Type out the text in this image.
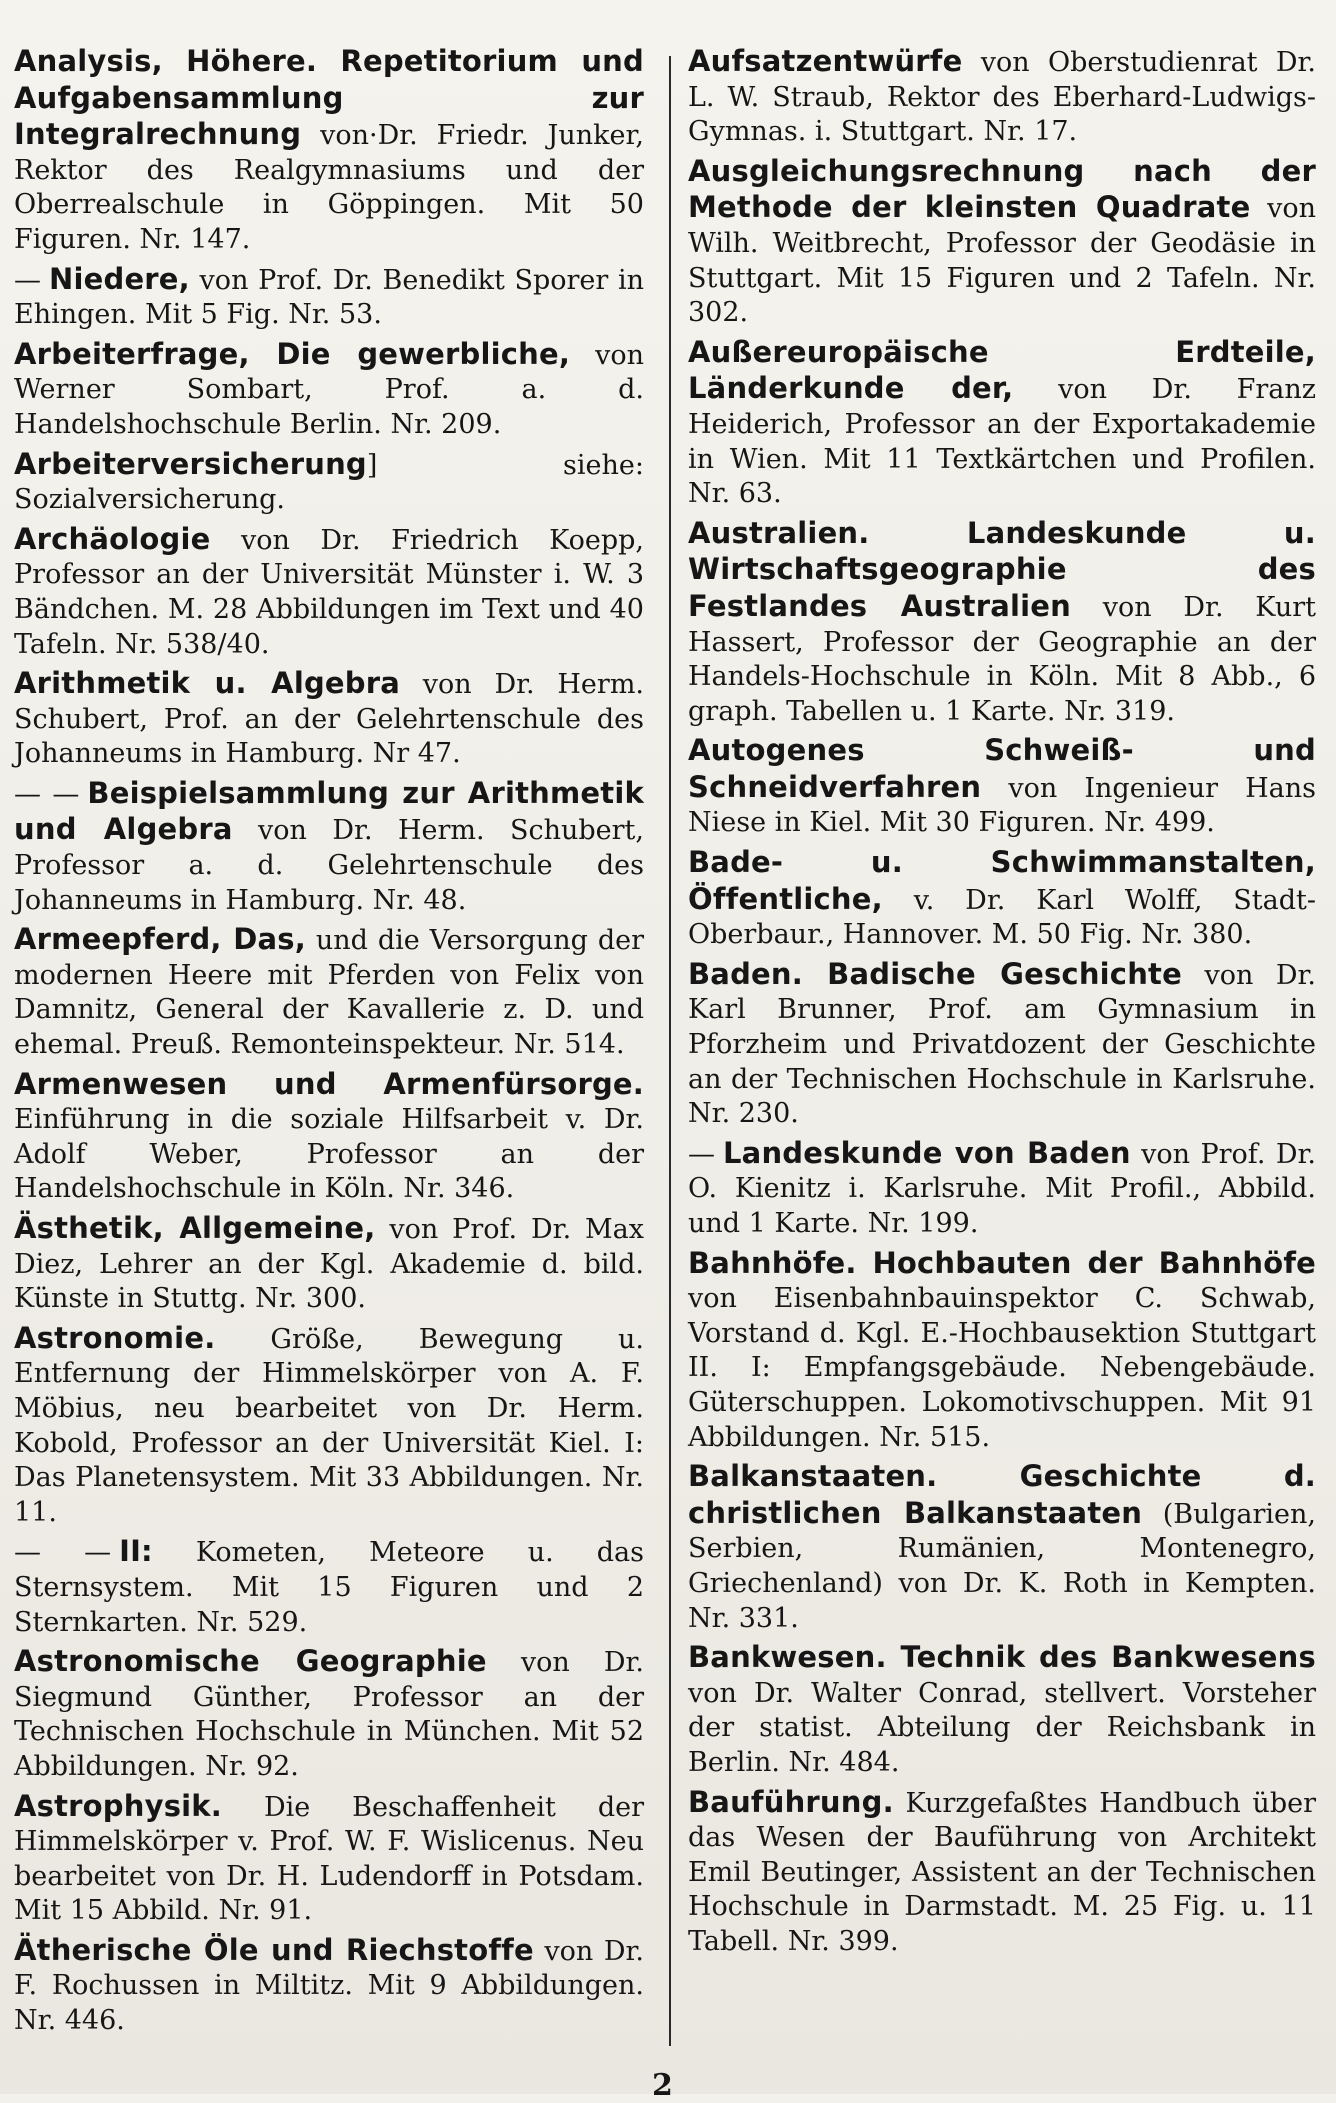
Analysis, Höhere. Repetitorium und Aufgabensammlung zur Integralrechnung von·Dr. Friedr. Junker, Rektor des Realgymnasiums und der Oberrealschule in Göppingen. Mit 50 Figuren. Nr. 147.

— Niedere, von Prof. Dr. Benedikt Sporer in Ehingen. Mit 5 Fig. Nr. 53.

Arbeiterfrage, Die gewerbliche, von Werner Sombart, Prof. a. d. Handelshochschule Berlin. Nr. 209.

Arbeiterversicherung] siehe: Sozialversicherung.

Archäologie von Dr. Friedrich Koepp, Professor an der Universität Münster i. W. 3 Bändchen. M. 28 Abbildungen im Text und 40 Tafeln. Nr. 538/40.

Arithmetik u. Algebra von Dr. Herm. Schubert, Prof. an der Gelehrtenschule des Johanneums in Hamburg. Nr 47.

— — Beispielsammlung zur Arithmetik und Algebra von Dr. Herm. Schubert, Professor a. d. Gelehrtenschule des Johanneums in Hamburg. Nr. 48.

Armeepferd, Das, und die Versorgung der modernen Heere mit Pferden von Felix von Damnitz, General der Kavallerie z. D. und ehemal. Preuß. Remonteinspekteur. Nr. 514.

Armenwesen und Armenfürsorge. Einführung in die soziale Hilfsarbeit v. Dr. Adolf Weber, Professor an der Handelshochschule in Köln. Nr. 346.

Ästhetik, Allgemeine, von Prof. Dr. Max Diez, Lehrer an der Kgl. Akademie d. bild. Künste in Stuttg. Nr. 300.

Astronomie. Größe, Bewegung u. Entfernung der Himmelskörper von A. F. Möbius, neu bearbeitet von Dr. Herm. Kobold, Professor an der Universität Kiel. I: Das Planetensystem. Mit 33 Abbildungen. Nr. 11.

— — II: Kometen, Meteore u. das Sternsystem. Mit 15 Figuren und 2 Sternkarten. Nr. 529.

Astronomische Geographie von Dr. Siegmund Günther, Professor an der Technischen Hochschule in München. Mit 52 Abbildungen. Nr. 92.

Astrophysik. Die Beschaffenheit der Himmelskörper v. Prof. W. F. Wislicenus. Neu bearbeitet von Dr. H. Ludendorff in Potsdam. Mit 15 Abbild. Nr. 91.

Ätherische Öle und Riechstoffe von Dr. F. Rochussen in Miltitz. Mit 9 Abbildungen. Nr. 446.

Aufsatzentwürfe von Oberstudienrat Dr. L. W. Straub, Rektor des Eberhard-Ludwigs-Gymnas. i. Stuttgart. Nr. 17.

Ausgleichungsrechnung nach der Methode der kleinsten Quadrate von Wilh. Weitbrecht, Professor der Geodäsie in Stuttgart. Mit 15 Figuren und 2 Tafeln. Nr. 302.

Außereuropäische Erdteile, Länderkunde der, von Dr. Franz Heiderich, Professor an der Exportakademie in Wien. Mit 11 Textkärtchen und Profilen. Nr. 63.

Australien. Landeskunde u. Wirtschaftsgeographie des Festlandes Australien von Dr. Kurt Hassert, Professor der Geographie an der Handels-Hochschule in Köln. Mit 8 Abb., 6 graph. Tabellen u. 1 Karte. Nr. 319.

Autogenes Schweiß- und Schneidverfahren von Ingenieur Hans Niese in Kiel. Mit 30 Figuren. Nr. 499.

Bade- u. Schwimmanstalten, Öffentliche, v. Dr. Karl Wolff, Stadt-Oberbaur., Hannover. M. 50 Fig. Nr. 380.

Baden. Badische Geschichte von Dr. Karl Brunner, Prof. am Gymnasium in Pforzheim und Privatdozent der Geschichte an der Technischen Hochschule in Karlsruhe. Nr. 230.

— Landeskunde von Baden von Prof. Dr. O. Kienitz i. Karlsruhe. Mit Profil., Abbild. und 1 Karte. Nr. 199.

Bahnhöfe. Hochbauten der Bahnhöfe von Eisenbahnbauinspektor C. Schwab, Vorstand d. Kgl. E.-Hochbausektion Stuttgart II. I: Empfangsgebäude. Nebengebäude. Güterschuppen. Lokomotivschuppen. Mit 91 Abbildungen. Nr. 515.

Balkanstaaten. Geschichte d. christlichen Balkanstaaten (Bulgarien, Serbien, Rumänien, Montenegro, Griechenland) von Dr. K. Roth in Kempten. Nr. 331.

Bankwesen. Technik des Bankwesens von Dr. Walter Conrad, stellvert. Vorsteher der statist. Abteilung der Reichsbank in Berlin. Nr. 484.

Bauführung. Kurzgefaßtes Handbuch über das Wesen der Bauführung von Architekt Emil Beutinger, Assistent an der Technischen Hochschule in Darmstadt. M. 25 Fig. u. 11 Tabell. Nr. 399.

2
